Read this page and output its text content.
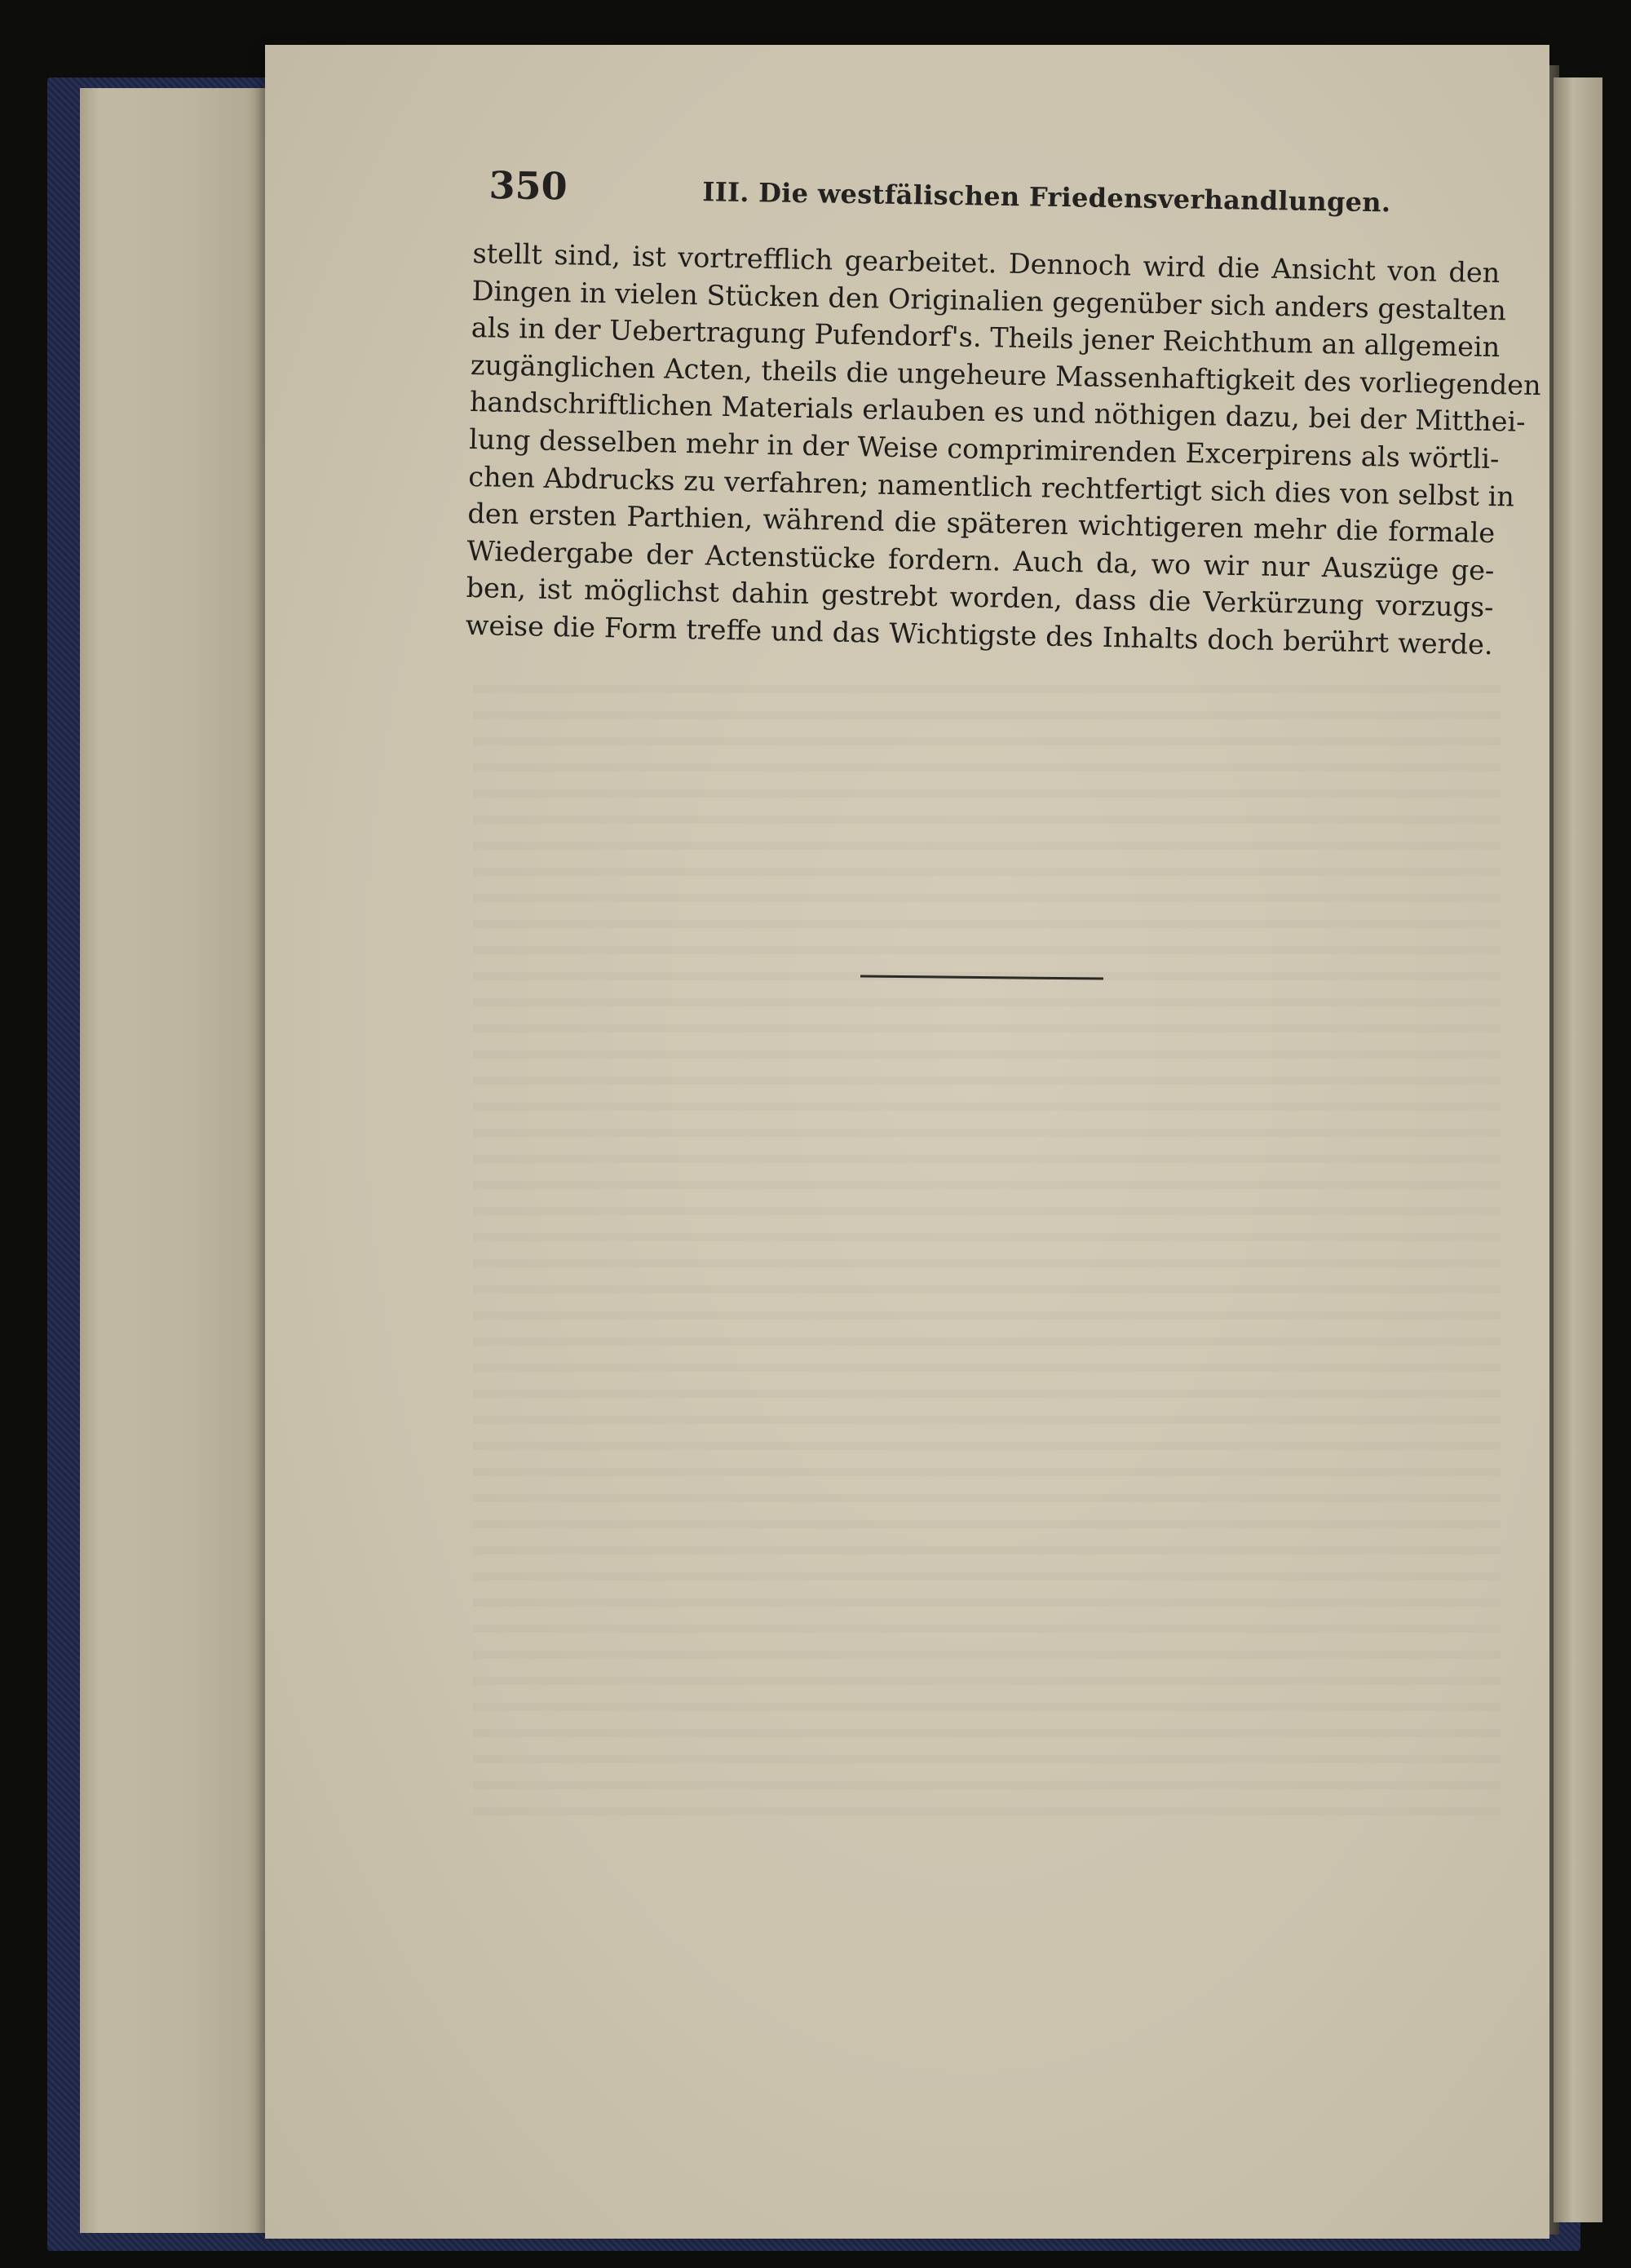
350	III. Die westfälischen Friedensverhandlungen.
stellt sind, ist vortrefflich gearbeitet. Dennoch wird die Ansicht von den
Dingen in vielen Stücken den Originalien gegenüber sich anders gestalten
als in der Uebertragung Pufendorf's. Theils jener Reichthum an allgemein
zugänglichen Acten, theils die ungeheure Massenhaftigkeit des vorliegenden
handschriftlichen Materials erlauben es und nöthigen dazu, bei der Mitthei-
lung desselben mehr in der Weise comprimirenden Excerpirens als wörtli-
chen Abdrucks zu verfahren; namentlich rechtfertigt sich dies von selbst in
den ersten Parthien, während die späteren wichtigeren mehr die formale
Wiedergabe der Actenstücke fordern. Auch da, wo wir nur Auszüge ge-
ben, ist möglichst dahin gestrebt worden, dass die Verkürzung vorzugs-
weise die Form treffe und das Wichtigste des Inhalts doch berührt werde.
